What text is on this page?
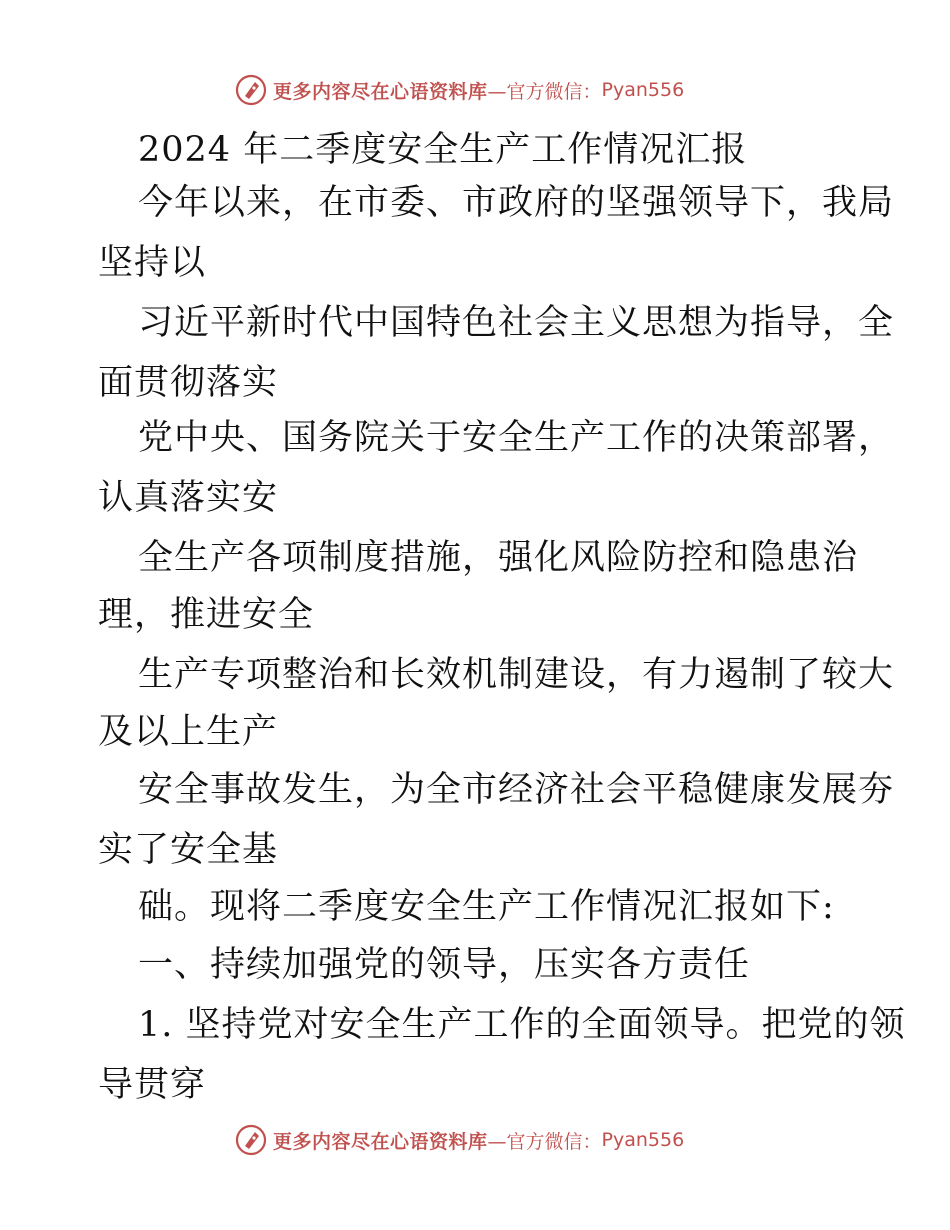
更多内容尽在心语资料库 —官方微信： Pyan556
2024 年二季度安全生产工作情况汇报
今年以来，在市委、市政府的坚强领导下，我局
坚持以
习近平新时代中国特色社会主义思想为指导，全
面贯彻落实
党中央、国务院关于安全生产工作的决策部署，
认真落实安
全生产各项制度措施，强化风险防控和隐患治
理，推进安全
生产专项整治和长效机制建设，有力遏制了较大
及以上生产
安全事故发生，为全市经济社会平稳健康发展夯
实了安全基
础。现将二季度安全生产工作情况汇报如下:
一、持续加强党的领导，压实各方责任
1. 坚持党对安全生产工作的全面领导。把党的领
导贯穿
更多内容尽在心语资料库 —官方微信： Pyan556
